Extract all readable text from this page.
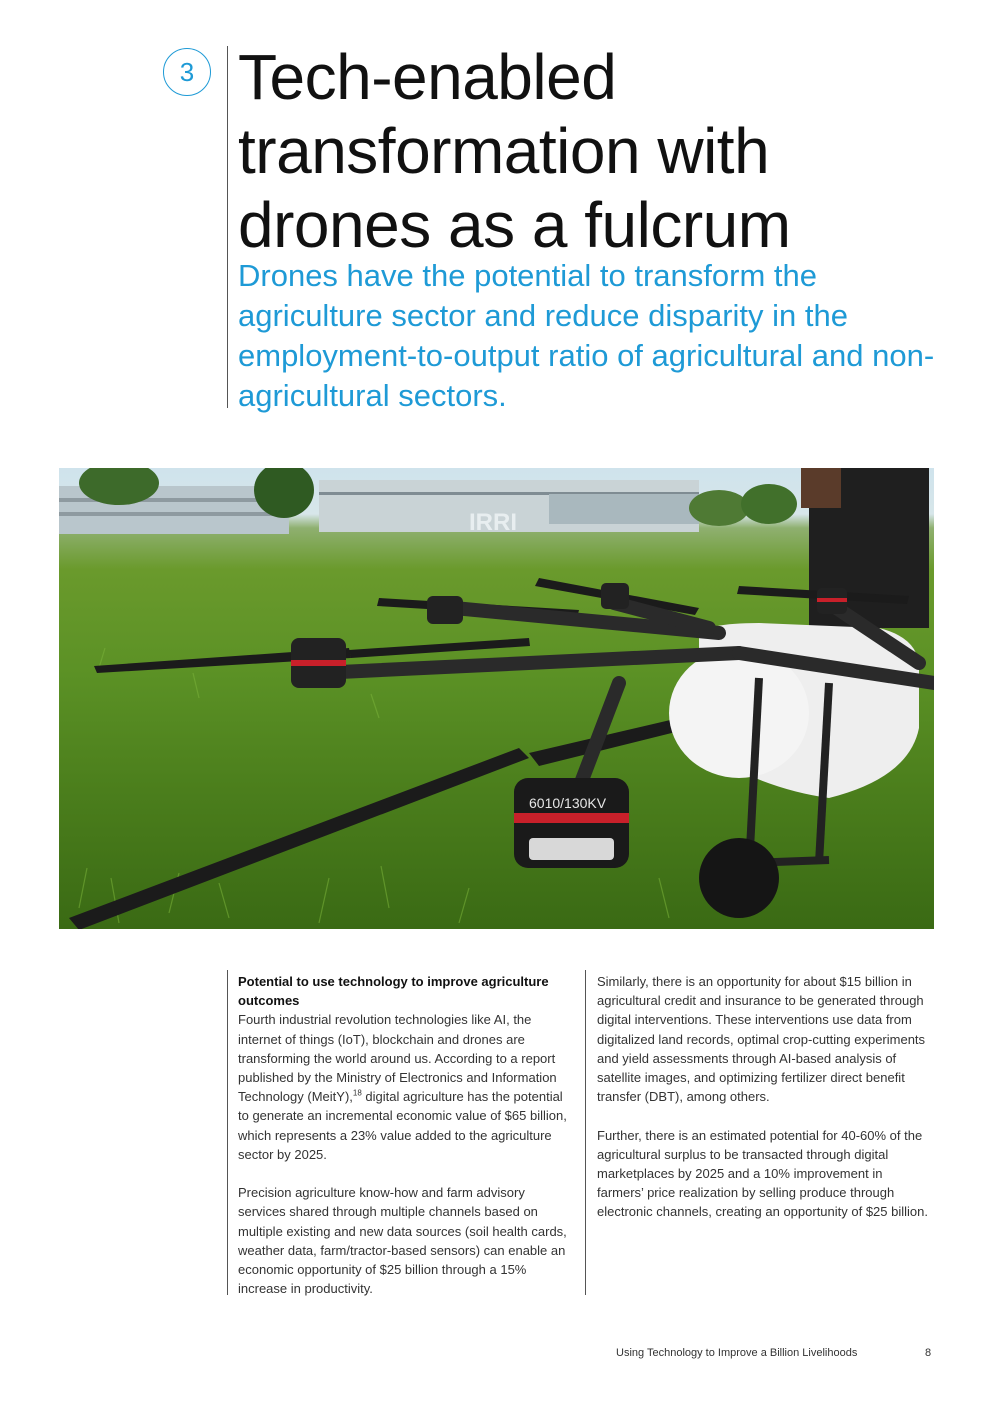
3 Tech-enabled transformation with drones as a fulcrum
Drones have the potential to transform the agriculture sector and reduce disparity in the employment-to-output ratio of agricultural and non-agricultural sectors.
IRRI
6010/130KV

Potential to use technology to improve agriculture outcomes

Fourth industrial revolution technologies like AI, the internet of things (IoT), blockchain and drones are transforming the world around us. According to a report published by the Ministry of Electronics and Information Technology (MeitY),$^{18}$ digital agriculture has the potential to generate an incremental economic value of $65 billion, which represents a 23% value added to the agriculture sector by 2025.

Precision agriculture know-how and farm advisory services shared through multiple channels based on multiple existing and new data sources (soil health cards, weather data, farm/tractor-based sensors) can enable an economic opportunity of $25 billion through a 15% increase in productivity.

Similarly, there is an opportunity for about $15 billion in agricultural credit and insurance to be generated through digital interventions. These interventions use data from digitalized land records, optimal crop-cutting experiments and yield assessments through AI-based analysis of satellite images, and optimizing fertilizer direct benefit transfer (DBT), among others.

Further, there is an estimated potential for 40-60% of the agricultural surplus to be transacted through digital marketplaces by 2025 and a 10% improvement in farmers’ price realization by selling produce through electronic channels, creating an opportunity of $25 billion.

Using Technology to Improve a Billion Livelihoods	8
